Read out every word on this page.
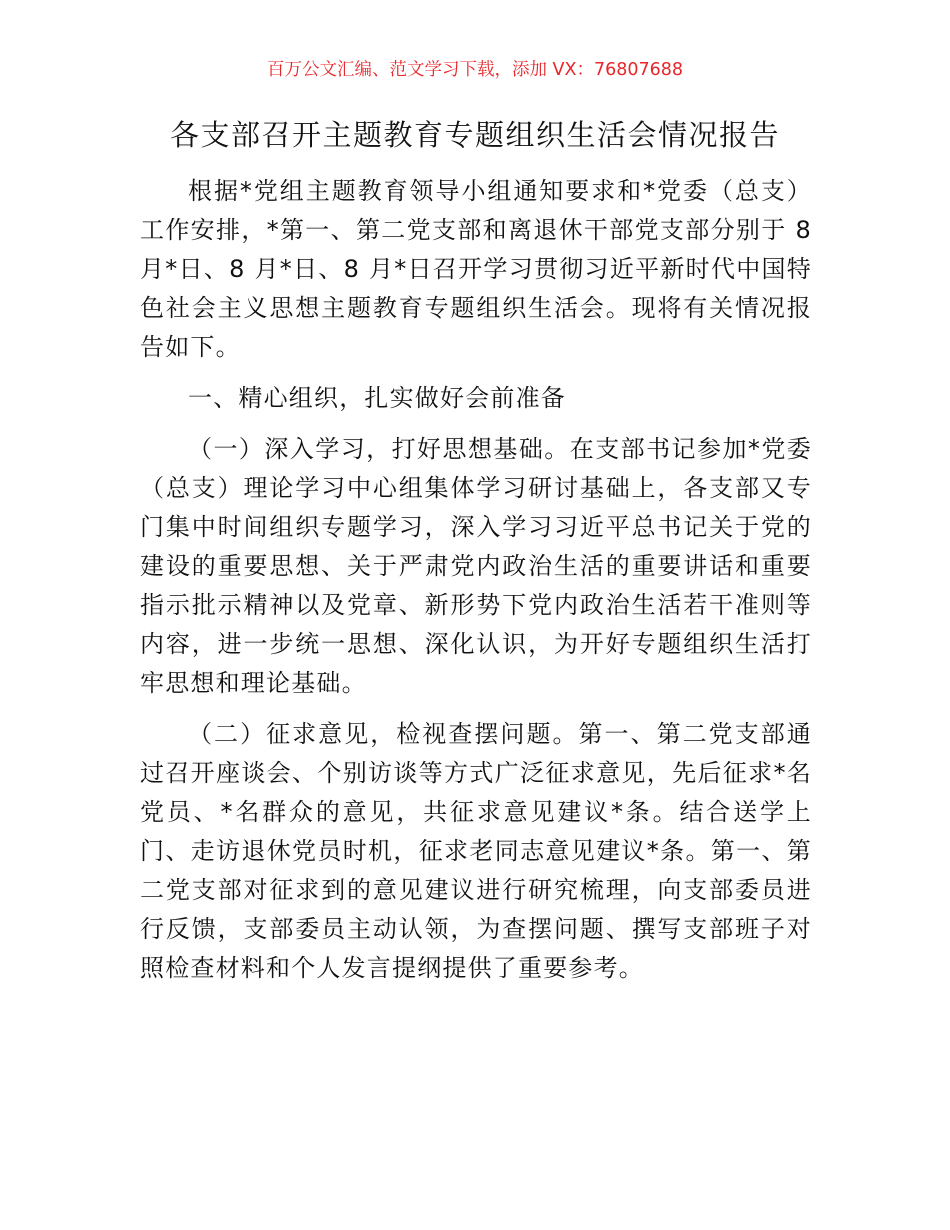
百万公文汇编、范文学习下载，添加 VX：76807688
各支部召开主题教育专题组织生活会情况报告

根据*党组主题教育领导小组通知要求和*党委（总支）工作安排，*第一、第二党支部和离退休干部党支部分别于 8 月*日、8 月*日、8 月*日召开学习贯彻习近平新时代中国特色社会主义思想主题教育专题组织生活会。现将有关情况报告如下。

一、精心组织，扎实做好会前准备

（一）深入学习，打好思想基础。在支部书记参加*党委（总支）理论学习中心组集体学习研讨基础上，各支部又专门集中时间组织专题学习，深入学习习近平总书记关于党的建设的重要思想、关于严肃党内政治生活的重要讲话和重要指示批示精神以及党章、新形势下党内政治生活若干准则等内容，进一步统一思想、深化认识，为开好专题组织生活打牢思想和理论基础。

（二）征求意见，检视查摆问题。第一、第二党支部通过召开座谈会、个别访谈等方式广泛征求意见，先后征求*名党员、*名群众的意见，共征求意见建议*条。结合送学上门、走访退休党员时机，征求老同志意见建议*条。第一、第二党支部对征求到的意见建议进行研究梳理，向支部委员进行反馈，支部委员主动认领，为查摆问题、撰写支部班子对照检查材料和个人发言提纲提供了重要参考。
